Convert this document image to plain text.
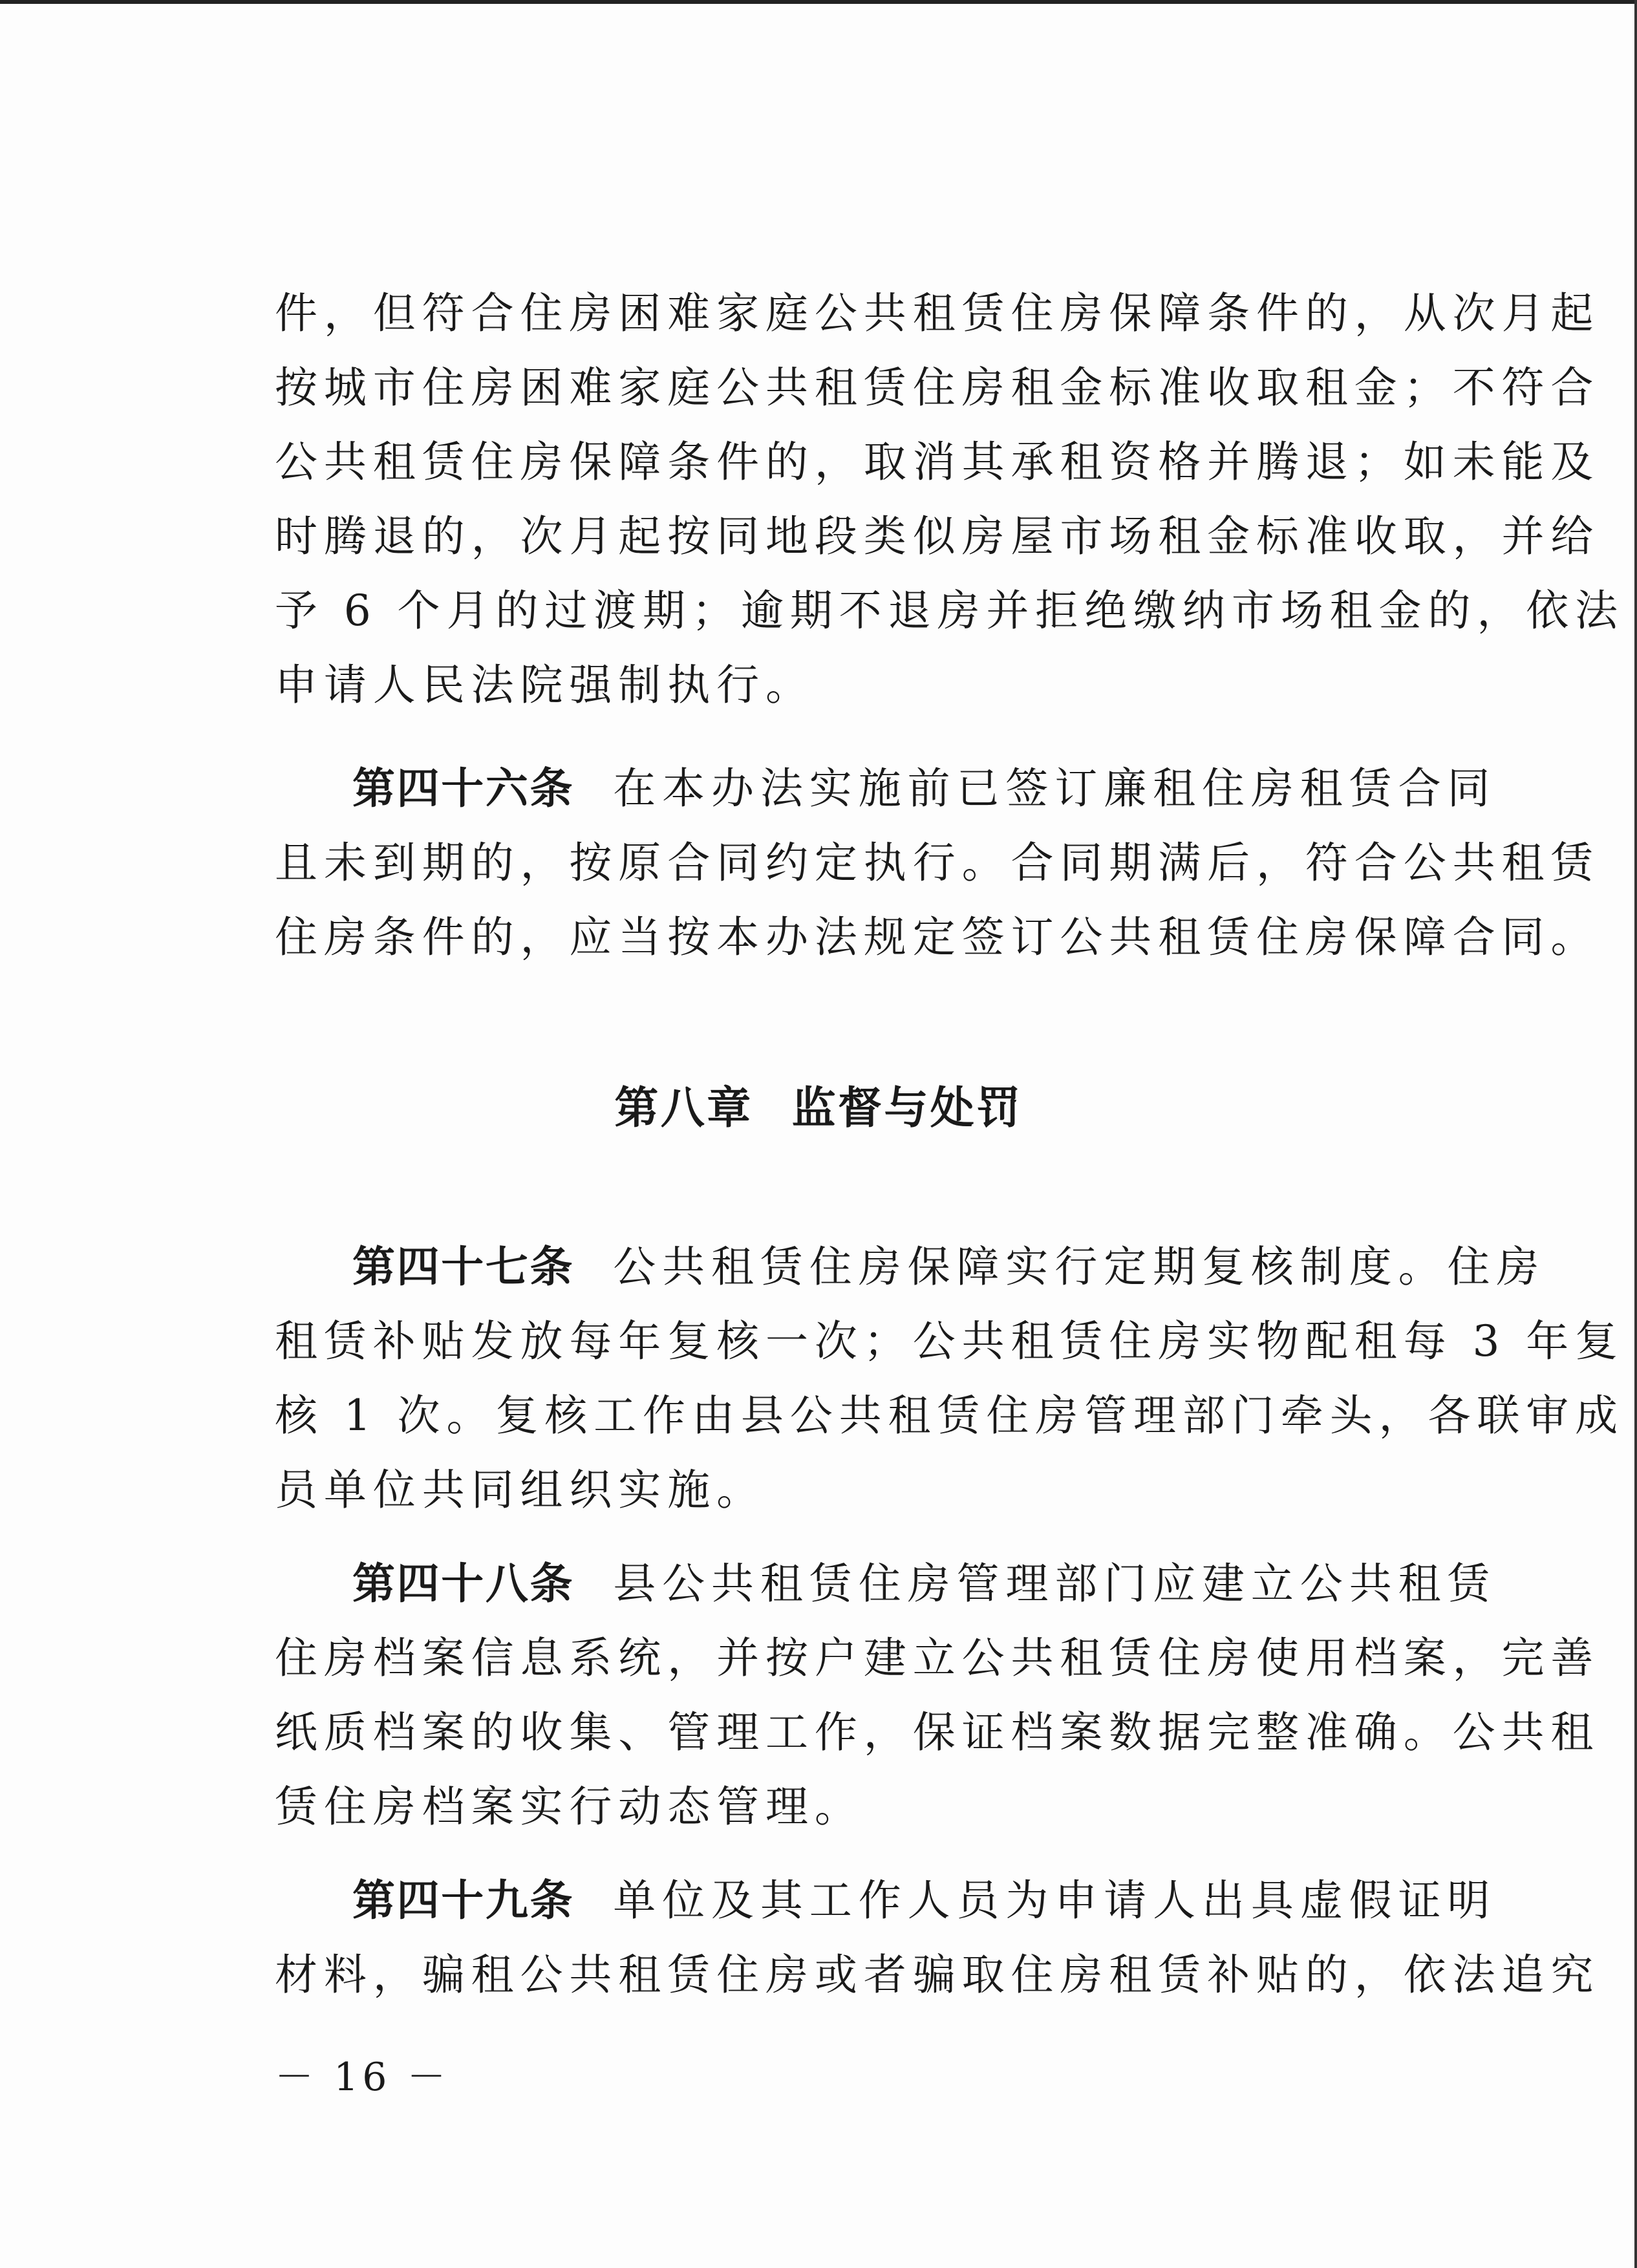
件，但符合住房困难家庭公共租赁住房保障条件的，从次月起
按城市住房困难家庭公共租赁住房租金标准收取租金；不符合
公共租赁住房保障条件的，取消其承租资格并腾退；如未能及
时腾退的，次月起按同地段类似房屋市场租金标准收取，并给
予 6 个月的过渡期；逾期不退房并拒绝缴纳市场租金的，依法
申请人民法院强制执行。
第四十六条 在本办法实施前已签订廉租住房租赁合同
且未到期的，按原合同约定执行。合同期满后，符合公共租赁
住房条件的，应当按本办法规定签订公共租赁住房保障合同。
第八章 监督与处罚
第四十七条 公共租赁住房保障实行定期复核制度。住房
租赁补贴发放每年复核一次；公共租赁住房实物配租每 3 年复
核 1 次。复核工作由县公共租赁住房管理部门牵头，各联审成
员单位共同组织实施。
第四十八条 县公共租赁住房管理部门应建立公共租赁
住房档案信息系统，并按户建立公共租赁住房使用档案，完善
纸质档案的收集、管理工作，保证档案数据完整准确。公共租
赁住房档案实行动态管理。
第四十九条 单位及其工作人员为申请人出具虚假证明
材料，骗租公共租赁住房或者骗取住房租赁补贴的，依法追究
－ 16 －
